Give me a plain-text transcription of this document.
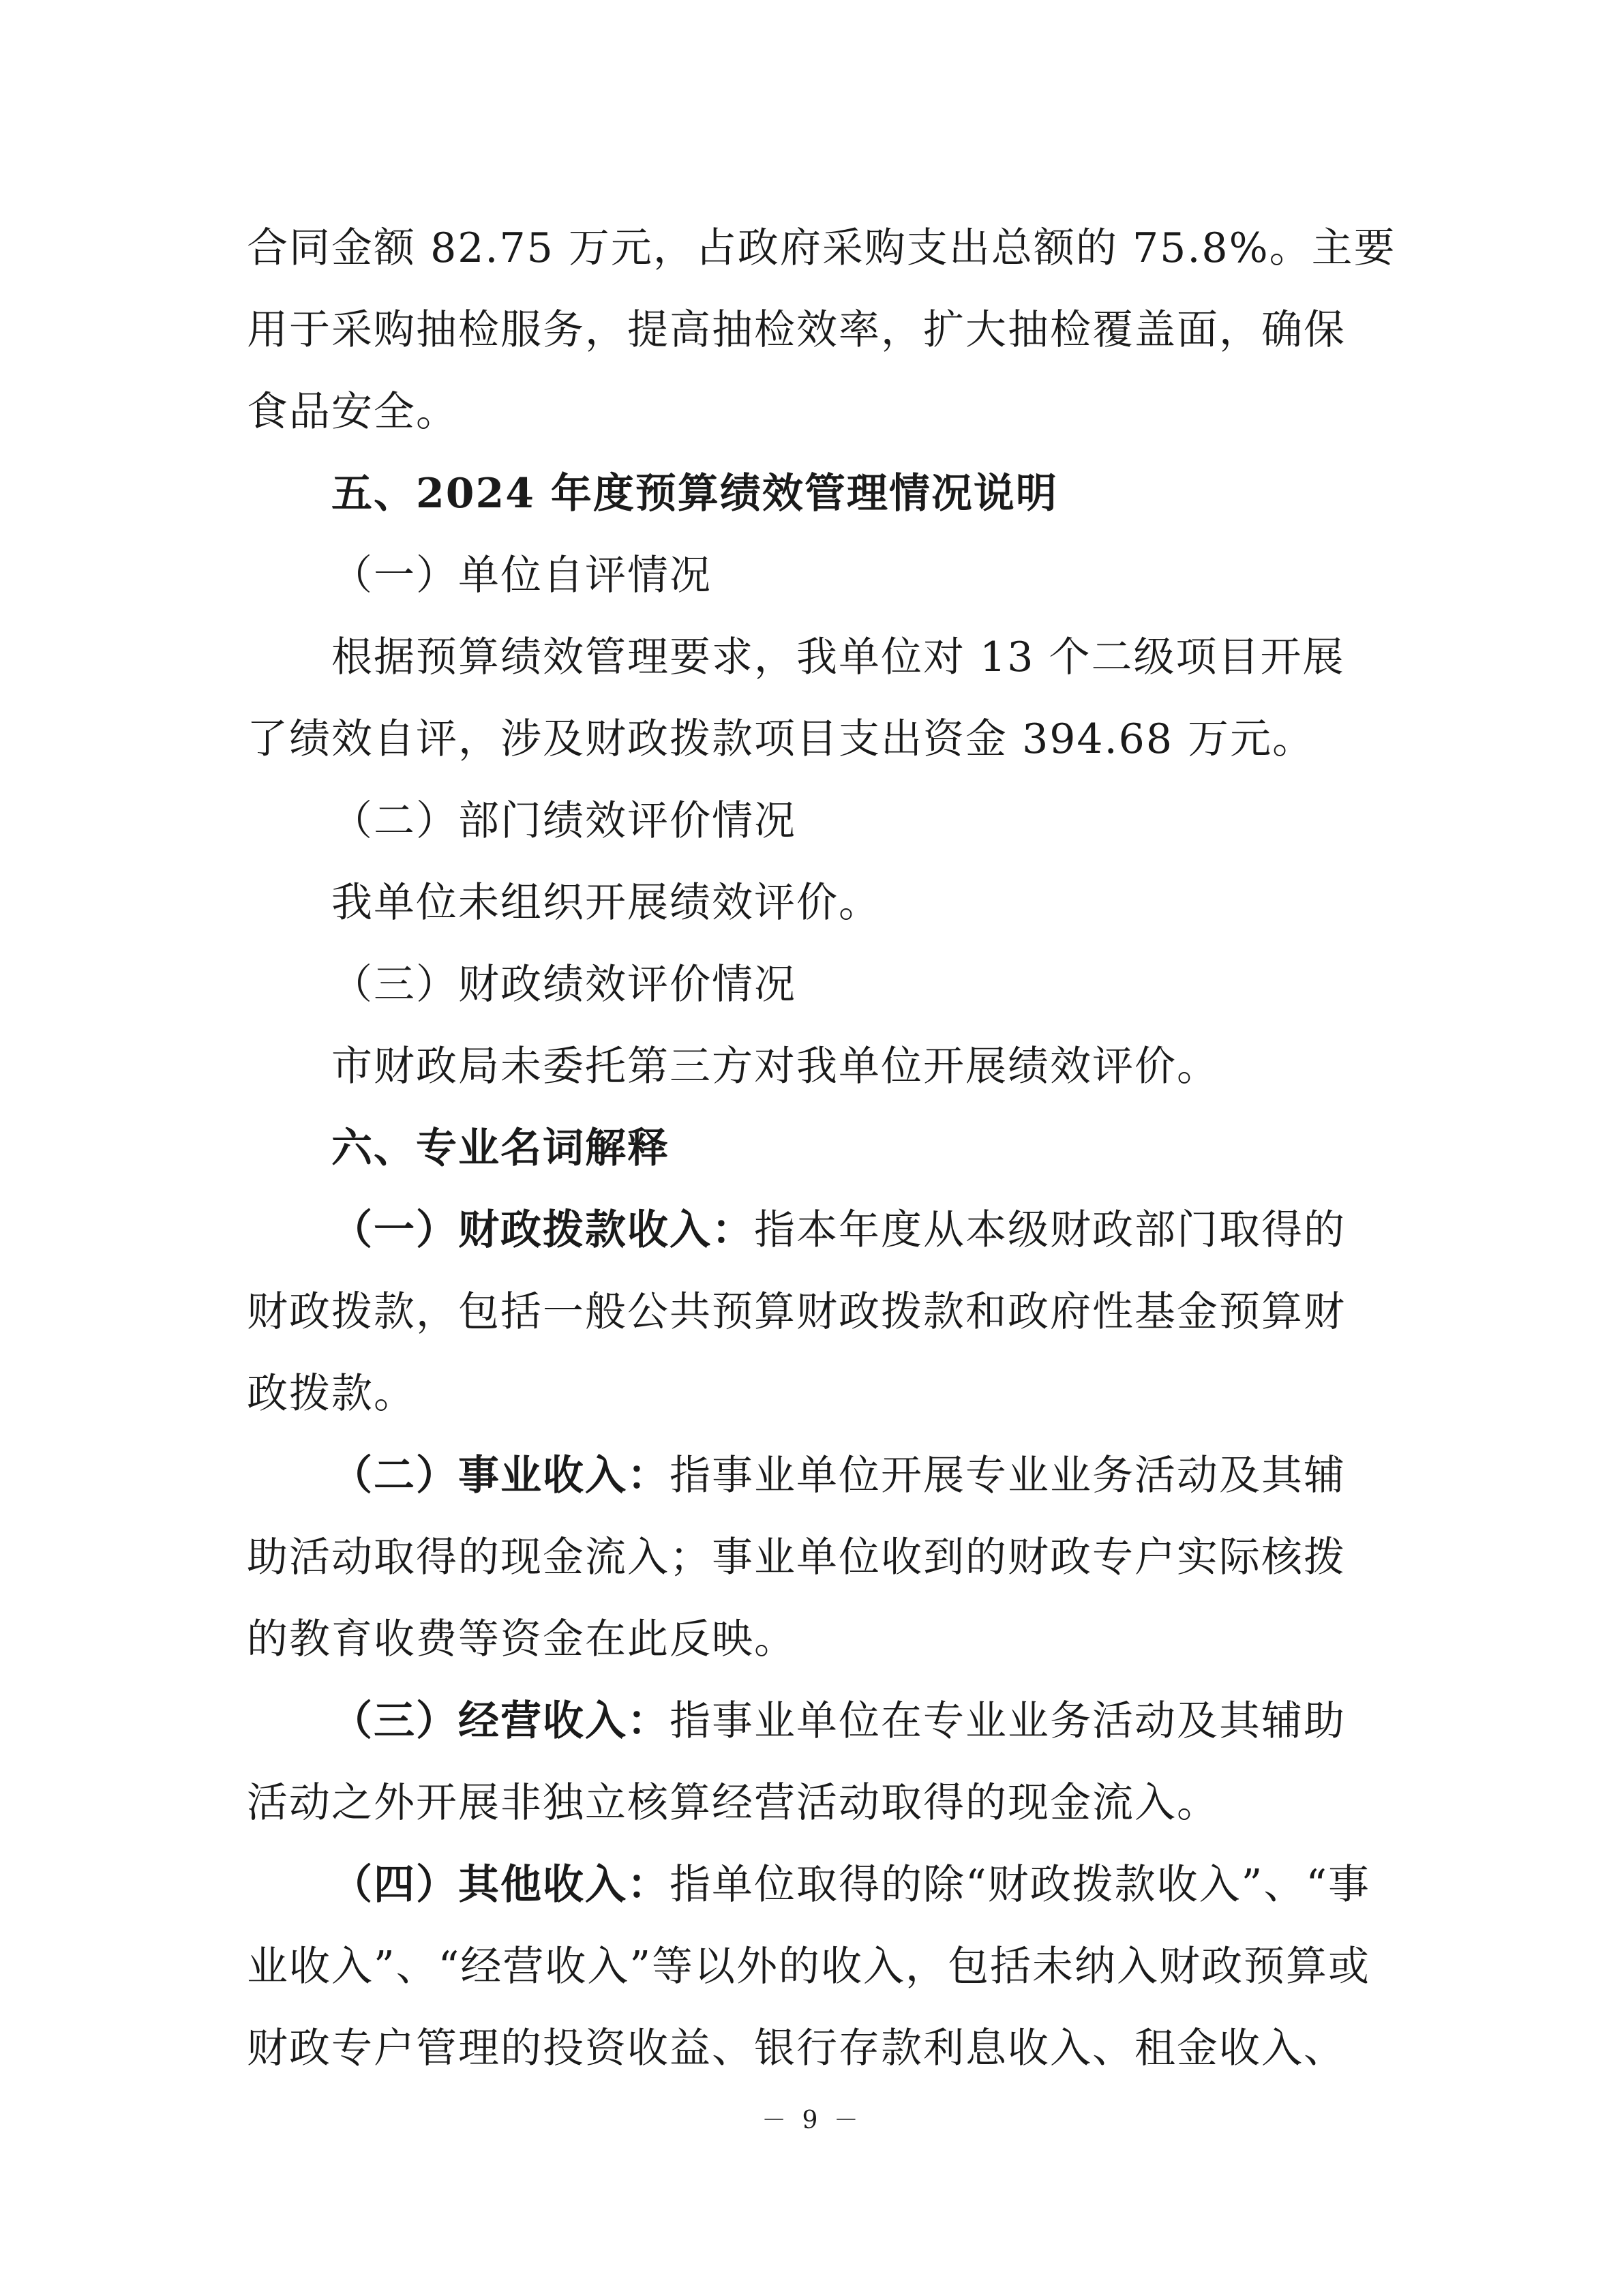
合同金额 82.75 万元，占政府采购支出总额的 75.8%。主要
用于采购抽检服务，提高抽检效率，扩大抽检覆盖面，确保
食品安全。
五、2024 年度预算绩效管理情况说明
（一）单位自评情况
根据预算绩效管理要求，我单位对 13 个二级项目开展
了绩效自评，涉及财政拨款项目支出资金 394.68 万元。
（二）部门绩效评价情况
我单位未组织开展绩效评价。
（三）财政绩效评价情况
市财政局未委托第三方对我单位开展绩效评价。
六、专业名词解释
（一）财政拨款收入：指本年度从本级财政部门取得的
财政拨款，包括一般公共预算财政拨款和政府性基金预算财
政拨款。
（二）事业收入：指事业单位开展专业业务活动及其辅
助活动取得的现金流入；事业单位收到的财政专户实际核拨
的教育收费等资金在此反映。
（三）经营收入：指事业单位在专业业务活动及其辅助
活动之外开展非独立核算经营活动取得的现金流入。
（四）其他收入：指单位取得的除“财政拨款收入”、“事
业收入”、“经营收入”等以外的收入，包括未纳入财政预算或
财政专户管理的投资收益、银行存款利息收入、租金收入、
－ 9 －
